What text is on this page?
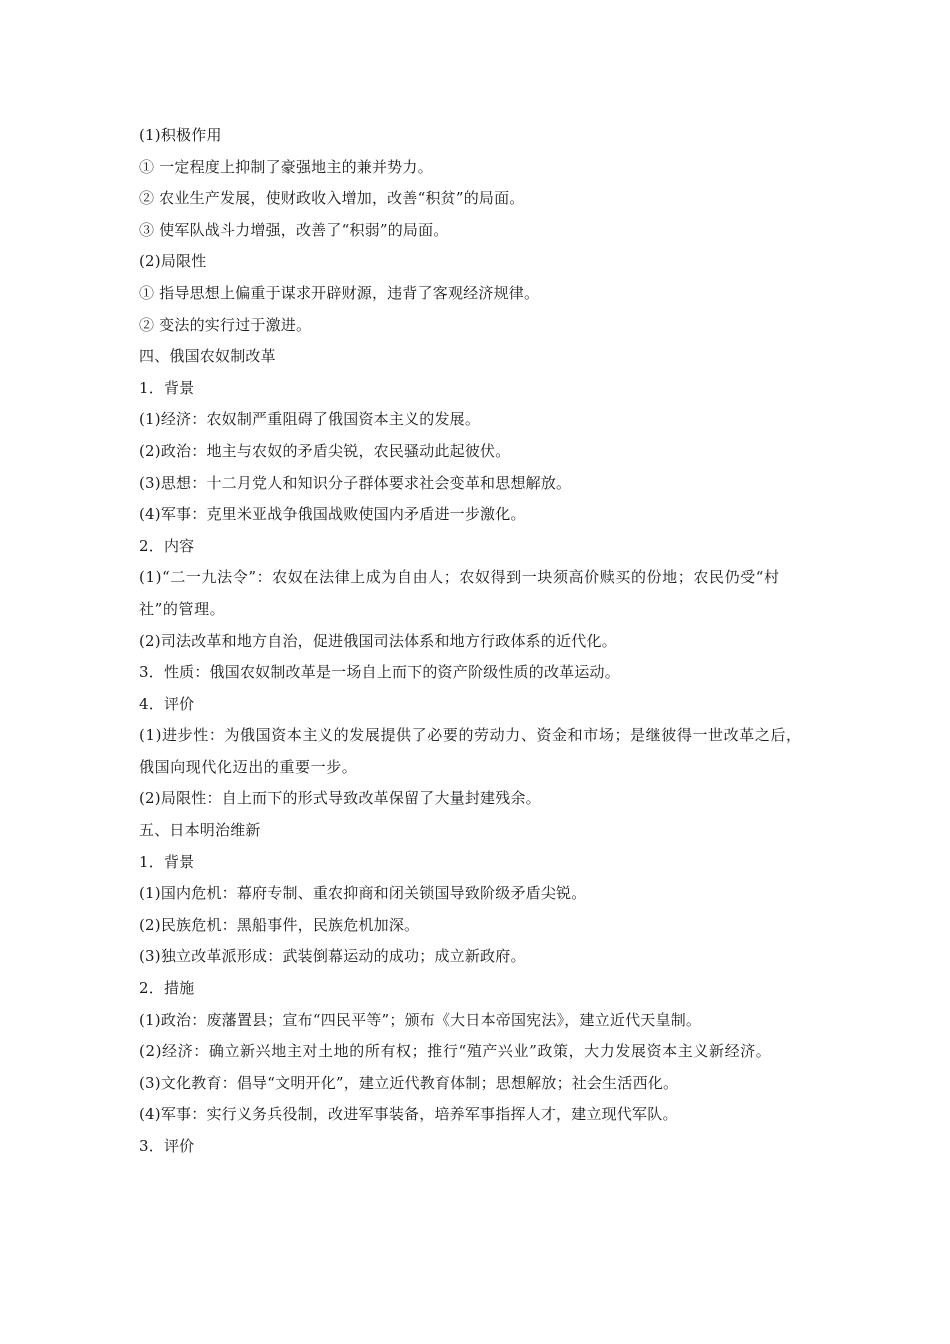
(1)积极作用

① 一定程度上抑制了豪强地主的兼并势力。

② 农业生产发展，使财政收入增加，改善“积贫”的局面。

③ 使军队战斗力增强，改善了“积弱”的局面。

(2)局限性

① 指导思想上偏重于谋求开辟财源，违背了客观经济规律。

② 变法的实行过于激进。

四、俄国农奴制改革

1．背景

(1)经济：农奴制严重阻碍了俄国资本主义的发展。

(2)政治：地主与农奴的矛盾尖锐，农民骚动此起彼伏。

(3)思想：十二月党人和知识分子群体要求社会变革和思想解放。

(4)军事：克里米亚战争俄国战败使国内矛盾进一步激化。

2．内容

(1)“二一九法令”：农奴在法律上成为自由人；农奴得到一块须高价赎买的份地；农民仍受“村社”的管理。

(2)司法改革和地方自治，促进俄国司法体系和地方行政体系的近代化。

3．性质：俄国农奴制改革是一场自上而下的资产阶级性质的改革运动。

4．评价

(1)进步性：为俄国资本主义的发展提供了必要的劳动力、资金和市场；是继彼得一世改革之后，俄国向现代化迈出的重要一步。

(2)局限性：自上而下的形式导致改革保留了大量封建残余。

五、日本明治维新

1．背景

(1)国内危机：幕府专制、重农抑商和闭关锁国导致阶级矛盾尖锐。

(2)民族危机：黑船事件，民族危机加深。

(3)独立改革派形成：武装倒幕运动的成功；成立新政府。

2．措施

(1)政治：废藩置县；宣布“四民平等”；颁布《大日本帝国宪法》，建立近代天皇制。

(2)经济：确立新兴地主对土地的所有权；推行“殖产兴业”政策，大力发展资本主义新经济。

(3)文化教育：倡导“文明开化”，建立近代教育体制；思想解放；社会生活西化。

(4)军事：实行义务兵役制，改进军事装备，培养军事指挥人才，建立现代军队。

3．评价
